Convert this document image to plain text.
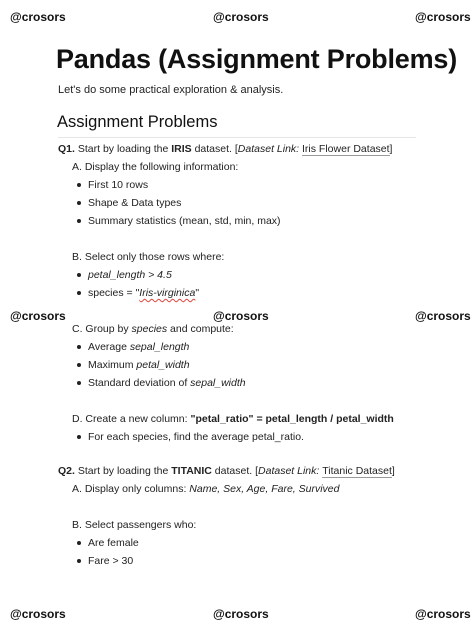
@crosors	@crosors	@crosors
@crosors	@crosors	@crosors
@crosors	@crosors	@crosors
Pandas (Assignment Problems)
Let's do some practical exploration & analysis.
Assignment Problems
Q1. Start by loading the IRIS dataset. [Dataset Link: Iris Flower Dataset]
A. Display the following information:
First 10 rows
Shape & Data types
Summary statistics (mean, std, min, max)
B. Select only those rows where:
petal_length > 4.5
species = "Iris-virginica"
C. Group by species and compute:
Average sepal_length
Maximum petal_width
Standard deviation of sepal_width
D. Create a new column: "petal_ratio" = petal_length / petal_width
For each species, find the average petal_ratio.
Q2. Start by loading the TITANIC dataset. [Dataset Link: Titanic Dataset]
A. Display only columns: Name, Sex, Age, Fare, Survived
B. Select passengers who:
Are female
Fare > 30
